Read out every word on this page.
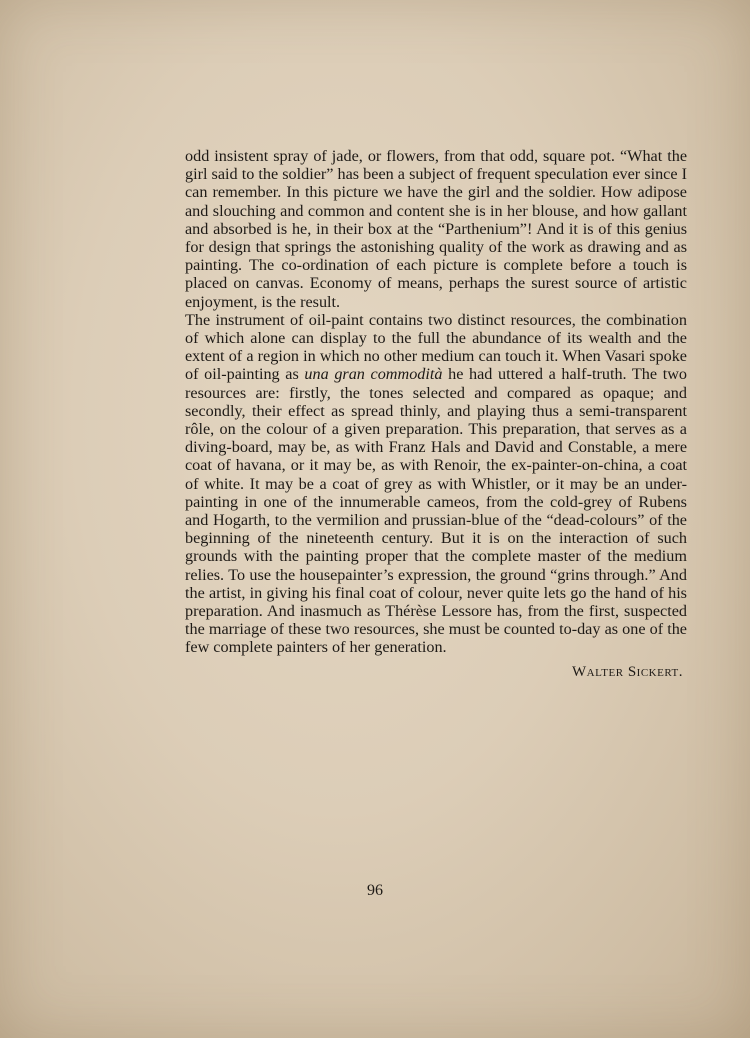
odd insistent spray of jade, or flowers, from that odd, square pot. “What the girl said to the soldier” has been a subject of frequent speculation ever since I can remember. In this picture we have the girl and the soldier. How adipose and slouching and common and content she is in her blouse, and how gallant and absorbed is he, in their box at the “Parthenium”! And it is of this genius for design that springs the astonishing quality of the work as drawing and as painting. The co-ordination of each picture is complete before a touch is placed on canvas. Economy of means, perhaps the surest source of artistic enjoyment, is the result.

The instrument of oil-paint contains two distinct resources, the combination of which alone can display to the full the abundance of its wealth and the extent of a region in which no other medium can touch it. When Vasari spoke of oil-painting as una gran commodità he had uttered a half-truth. The two resources are: firstly, the tones selected and compared as opaque; and secondly, their effect as spread thinly, and playing thus a semi-transparent rôle, on the colour of a given preparation. This preparation, that serves as a diving-board, may be, as with Franz Hals and David and Constable, a mere coat of havana, or it may be, as with Renoir, the ex-painter-on-china, a coat of white. It may be a coat of grey as with Whistler, or it may be an under-painting in one of the innumerable cameos, from the cold-grey of Rubens and Hogarth, to the vermilion and prussian-blue of the “dead-colours” of the beginning of the nineteenth century. But it is on the interaction of such grounds with the painting proper that the complete master of the medium relies. To use the housepainter’s expression, the ground “grins through.” And the artist, in giving his final coat of colour, never quite lets go the hand of his preparation. And inasmuch as Thérèse Lessore has, from the first, suspected the marriage of these two resources, she must be counted to-day as one of the few complete painters of her generation.

Walter Sickert.
96
